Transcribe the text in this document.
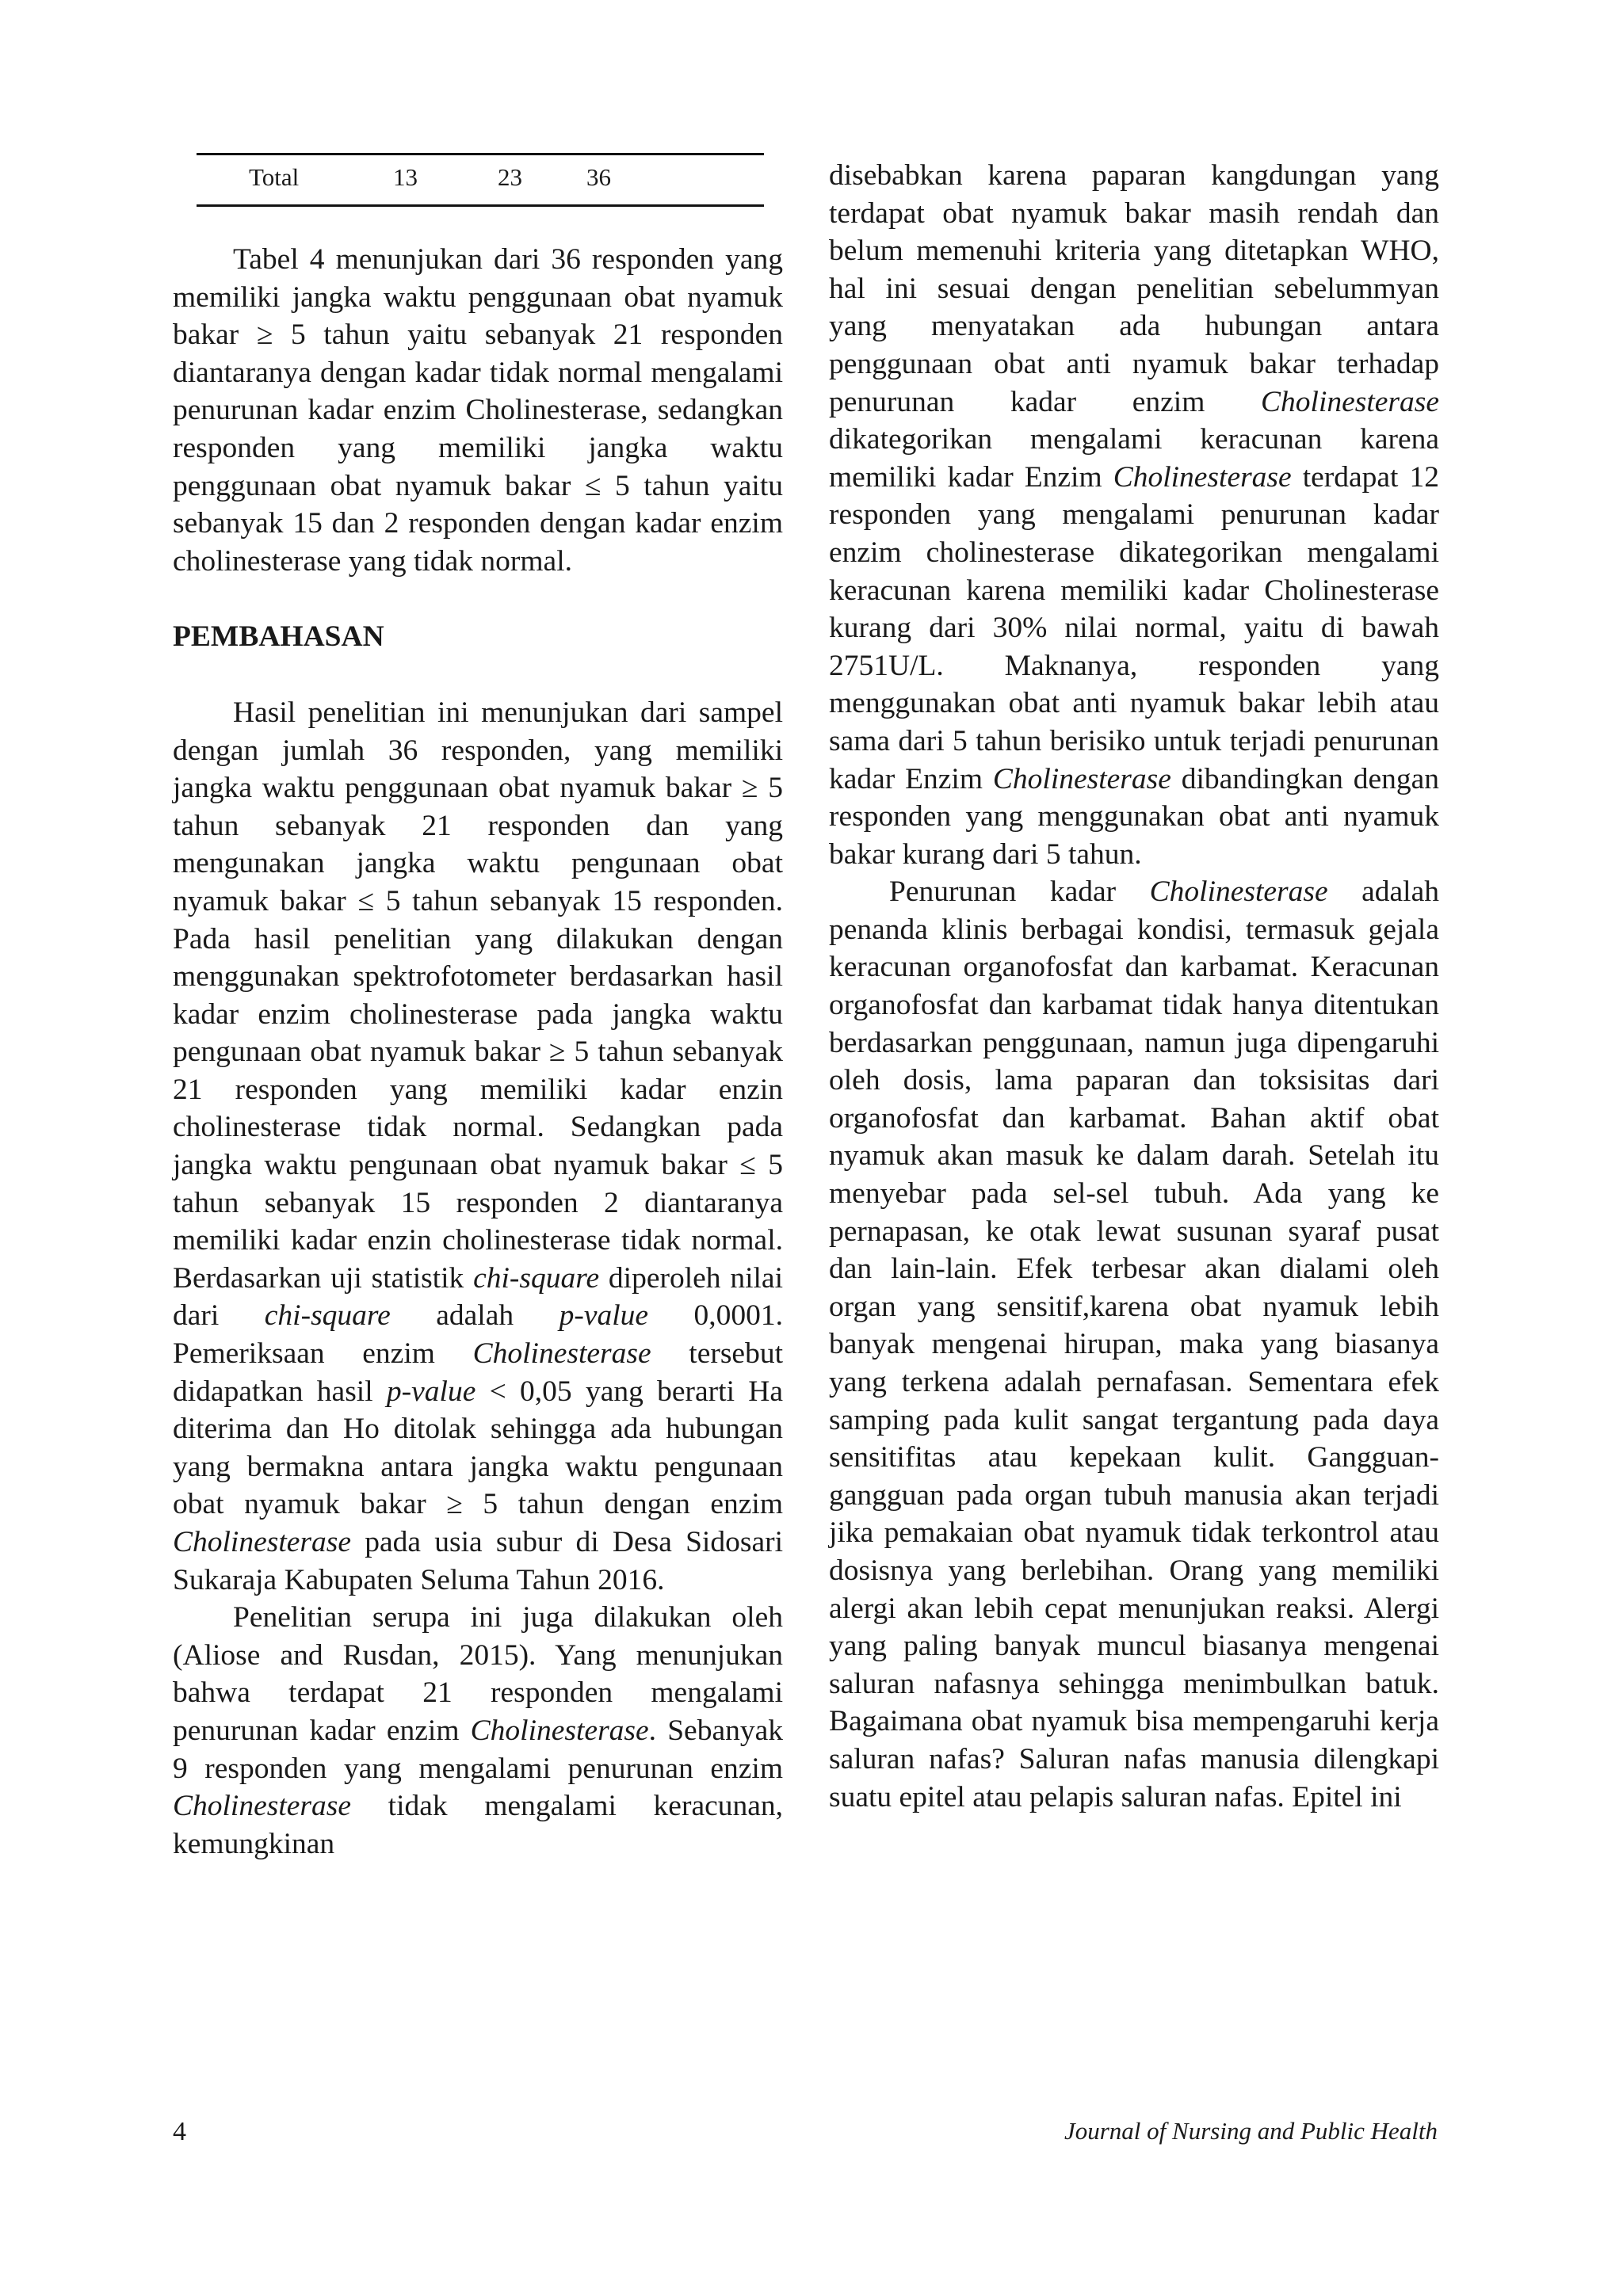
Total	13	23	36

Tabel 4 menunjukan dari 36 responden yang memiliki jangka waktu penggunaan obat nyamuk bakar ≥ 5 tahun yaitu sebanyak 21 responden diantaranya dengan kadar tidak normal mengalami penurunan kadar enzim Cholinesterase, sedangkan responden yang memiliki jangka waktu penggunaan obat nyamuk bakar ≤ 5 tahun yaitu sebanyak 15 dan 2 responden dengan kadar enzim cholinesterase yang tidak normal.

PEMBAHASAN

Hasil penelitian ini menunjukan dari sampel dengan jumlah 36 responden, yang memiliki jangka waktu penggunaan obat nyamuk bakar ≥ 5 tahun sebanyak 21 responden dan yang mengunakan jangka waktu pengunaan obat nyamuk bakar ≤ 5 tahun sebanyak 15 responden. Pada hasil penelitian yang dilakukan dengan menggunakan spektrofotometer berdasarkan hasil kadar enzim cholinesterase pada jangka waktu pengunaan obat nyamuk bakar ≥ 5 tahun sebanyak 21 responden yang memiliki kadar enzin cholinesterase tidak normal. Sedangkan pada jangka waktu pengunaan obat nyamuk bakar ≤ 5 tahun sebanyak 15 responden 2 diantaranya memiliki kadar enzin cholinesterase tidak normal. Berdasarkan uji statistik chi-square diperoleh nilai dari chi-square adalah p-value 0,0001. Pemeriksaan enzim Cholinesterase tersebut didapatkan hasil p-value < 0,05 yang berarti Ha diterima dan Ho ditolak sehingga ada hubungan yang bermakna antara jangka waktu pengunaan obat nyamuk bakar ≥ 5 tahun dengan enzim Cholinesterase pada usia subur di Desa Sidosari Sukaraja Kabupaten Seluma Tahun 2016.

Penelitian serupa ini juga dilakukan oleh (Aliose and Rusdan, 2015). Yang menunjukan bahwa terdapat 21 responden mengalami penurunan kadar enzim Cholinesterase. Sebanyak 9 responden yang mengalami penurunan enzim Cholinesterase tidak mengalami keracunan, kemungkinan

disebabkan karena paparan kangdungan yang terdapat obat nyamuk bakar masih rendah dan belum memenuhi kriteria yang ditetapkan WHO, hal ini sesuai dengan penelitian sebelummyan yang menyatakan ada hubungan antara penggunaan obat anti nyamuk bakar terhadap penurunan kadar enzim Cholinesterase dikategorikan mengalami keracunan karena memiliki kadar Enzim Cholinesterase terdapat 12 responden yang mengalami penurunan kadar enzim cholinesterase dikategorikan mengalami keracunan karena memiliki kadar Cholinesterase kurang dari 30% nilai normal, yaitu di bawah 2751U/L. Maknanya, responden yang menggunakan obat anti nyamuk bakar lebih atau sama dari 5 tahun berisiko untuk terjadi penurunan kadar Enzim Cholinesterase dibandingkan dengan responden yang menggunakan obat anti nyamuk bakar kurang dari 5 tahun.

Penurunan kadar Cholinesterase adalah penanda klinis berbagai kondisi, termasuk gejala keracunan organofosfat dan karbamat. Keracunan organofosfat dan karbamat tidak hanya ditentukan berdasarkan penggunaan, namun juga dipengaruhi oleh dosis, lama paparan dan toksisitas dari organofosfat dan karbamat. Bahan aktif obat nyamuk akan masuk ke dalam darah. Setelah itu menyebar pada sel-sel tubuh. Ada yang ke pernapasan, ke otak lewat susunan syaraf pusat dan lain-lain. Efek terbesar akan dialami oleh organ yang sensitif,karena obat nyamuk lebih banyak mengenai hirupan, maka yang biasanya yang terkena adalah pernafasan. Sementara efek samping pada kulit sangat tergantung pada daya sensitifitas atau kepekaan kulit. Gangguan-gangguan pada organ tubuh manusia akan terjadi jika pemakaian obat nyamuk tidak terkontrol atau dosisnya yang berlebihan. Orang yang memiliki alergi akan lebih cepat menunjukan reaksi. Alergi yang paling banyak muncul biasanya mengenai saluran nafasnya sehingga menimbulkan batuk. Bagaimana obat nyamuk bisa mempengaruhi kerja saluran nafas? Saluran nafas manusia dilengkapi suatu epitel atau pelapis saluran nafas. Epitel ini

4	Journal of Nursing and Public Health
